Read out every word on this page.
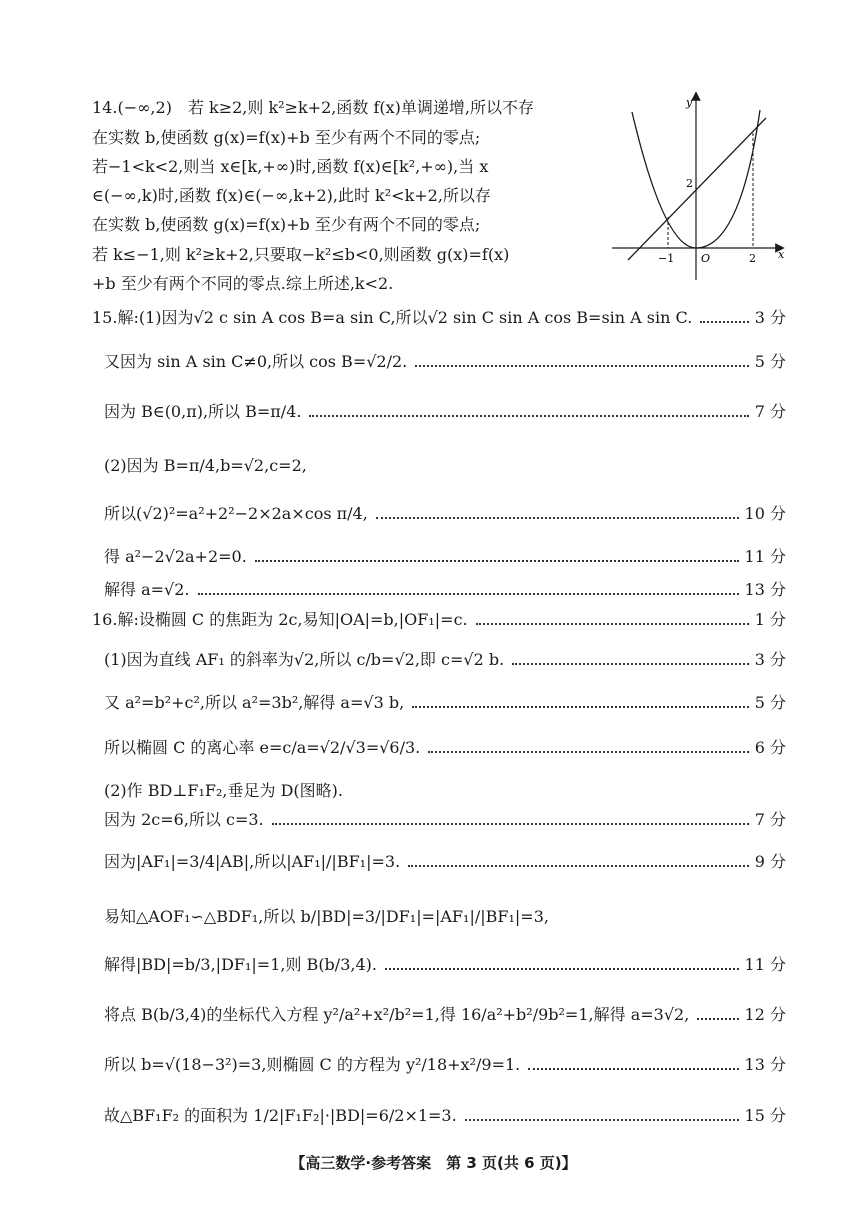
14.(−∞,2)　若 k≥2,则 k²≥k+2,函数 f(x)单调递增,所以不存
在实数 b,使函数 g(x)=f(x)+b 至少有两个不同的零点;
若−1<k<2,则当 x∈[k,+∞)时,函数 f(x)∈[k²,+∞),当 x
∈(−∞,k)时,函数 f(x)∈(−∞,k+2),此时 k²<k+2,所以存
在实数 b,使函数 g(x)=f(x)+b 至少有两个不同的零点;
若 k≤−1,则 k²≥k+2,只要取−k²≤b<0,则函数 g(x)=f(x)
+b 至少有两个不同的零点.综上所述,k<2.
y
x
O
2
−1	2
15.解:(1)因为√2 c sin A cos B=a sin C,所以√2 sin C sin A cos B=sin A sin C.	3 分
又因为 sin A sin C≠0,所以 cos B=√2/2.	5 分
因为 B∈(0,π),所以 B=π/4.	7 分
(2)因为 B=π/4,b=√2,c=2,
所以(√2)²=a²+2²−2×2a×cos π/4,	10 分
得 a²−2√2a+2=0.	11 分
解得 a=√2.	13 分
16.解:设椭圆 C 的焦距为 2c,易知|OA|=b,|OF₁|=c.	1 分
(1)因为直线 AF₁ 的斜率为√2,所以 c/b=√2,即 c=√2 b.	3 分
又 a²=b²+c²,所以 a²=3b²,解得 a=√3 b,	5 分
所以椭圆 C 的离心率 e=c/a=√2/√3=√6/3.	6 分
(2)作 BD⊥F₁F₂,垂足为 D(图略).
因为 2c=6,所以 c=3.	7 分
因为|AF₁|=3/4|AB|,所以|AF₁|/|BF₁|=3.	9 分
易知△AOF₁∽△BDF₁,所以 b/|BD|=3/|DF₁|=|AF₁|/|BF₁|=3,
解得|BD|=b/3,|DF₁|=1,则 B(b/3,4).	11 分
将点 B(b/3,4)的坐标代入方程 y²/a²+x²/b²=1,得 16/a²+b²/9b²=1,解得 a=3√2,	12 分
所以 b=√(18−3²)=3,则椭圆 C 的方程为 y²/18+x²/9=1.	13 分
故△BF₁F₂ 的面积为 1/2|F₁F₂|·|BD|=6/2×1=3.	15 分
【高三数学·参考答案　第 3 页(共 6 页)】
